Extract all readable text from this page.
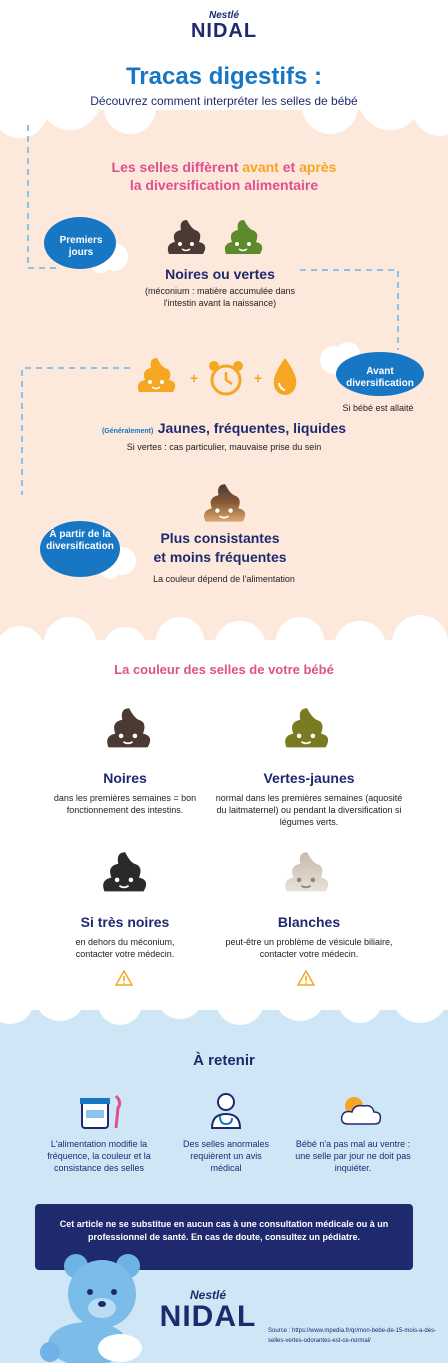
Nestlé
NIDAL
Tracas digestifs :
Découvrez comment interpréter les selles de bébé
Les selles diffèrent avant et après
la diversification alimentaire
Premiers jours
Noires ou vertes
(méconium : matière accumulée dans l'intestin avant la naissance)
Avant diversification
Si bébé est allaité
+	+
(Généralement) Jaunes, fréquentes, liquides
Si vertes : cas particulier, mauvaise prise du sein
À partir de la diversification
Plus consistantes
et moins fréquentes
La couleur dépend de l'alimentation
La couleur des selles de votre bébé
Noires
dans les premières semaines = bon fonctionnement des intestins.
Vertes-jaunes
normal dans les premières semaines (aquosité du laitmaternel) ou pendant la diversification si légumes verts.
Si très noires
en dehors du méconium, contacter votre médecin.
Blanches
peut-être un problème de vésicule biliaire, contacter votre médecin.
À retenir
L'alimentation modifie la fréquence, la couleur et la consistance des selles
Des selles anormales requièrent un avis médical
Bébé n'a pas mal au ventre : une selle par jour ne doit pas inquiéter.
Cet article ne se substitue en aucun cas à une consultation médicale ou à un professionnel de santé. En cas de doute, consultez un pédiatre.
Nestlé
NIDAL Source : https://www.mpedia.fr/qr/mon-bebe-de-15-mois-a-des-selles-vertes-odorantes-est-ce-normal/
